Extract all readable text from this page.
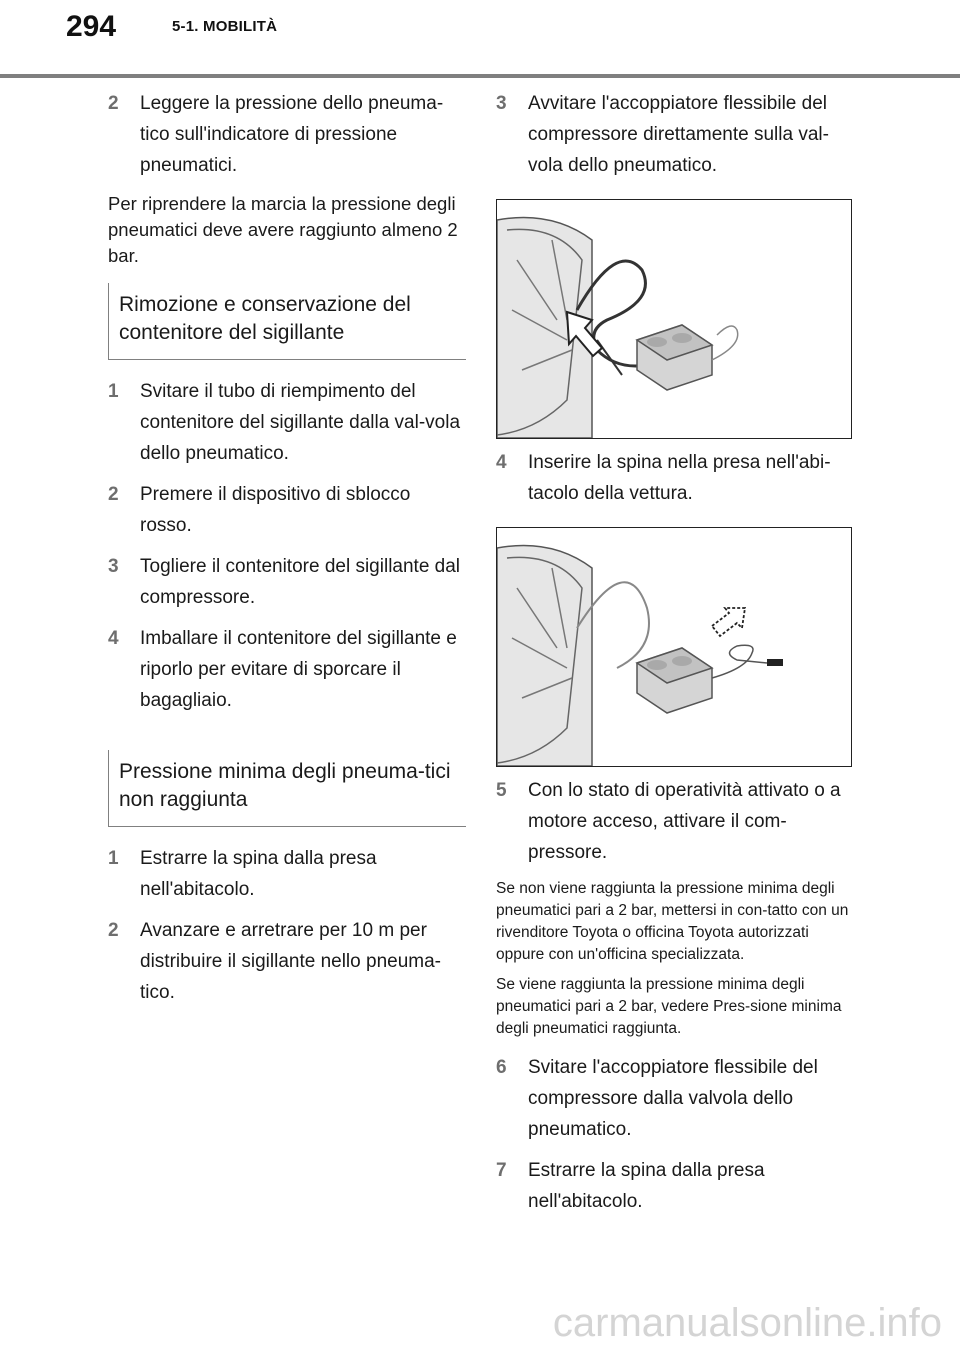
294	5-1. MOBILITÀ
2 Leggere la pressione dello pneuma-tico sull'indicatore di pressione pneumatici.

Per riprendere la marcia la pressione degli pneumatici deve avere raggiunto almeno 2 bar.

Rimozione e conservazione del contenitore del sigillante
1 Svitare il tubo di riempimento del contenitore del sigillante dalla val-vola dello pneumatico.
2 Premere il dispositivo di sblocco rosso.
3 Togliere il contenitore del sigillante dal compressore.
4 Imballare il contenitore del sigillante e riporlo per evitare di sporcare il bagagliaio.
Pressione minima degli pneuma-tici non raggiunta
1 Estrarre la spina dalla presa nell'abitacolo.
2 Avanzare e arretrare per 10 m per distribuire il sigillante nello pneuma-tico.
3 Avvitare l'accoppiatore flessibile del compressore direttamente sulla val-vola dello pneumatico.
4 Inserire la spina nella presa nell'abi-tacolo della vettura.
5 Con lo stato di operatività attivato o a motore acceso, attivare il com-pressore.

Se non viene raggiunta la pressione minima degli pneumatici pari a 2 bar, mettersi in con-tatto con un rivenditore Toyota o officina Toyota autorizzati oppure con un'officina specializzata.

Se viene raggiunta la pressione minima degli pneumatici pari a 2 bar, vedere Pres-sione minima degli pneumatici raggiunta.

6 Svitare l'accoppiatore flessibile del compressore dalla valvola dello pneumatico.
7 Estrarre la spina dalla presa nell'abitacolo.
carmanualsonline.info
